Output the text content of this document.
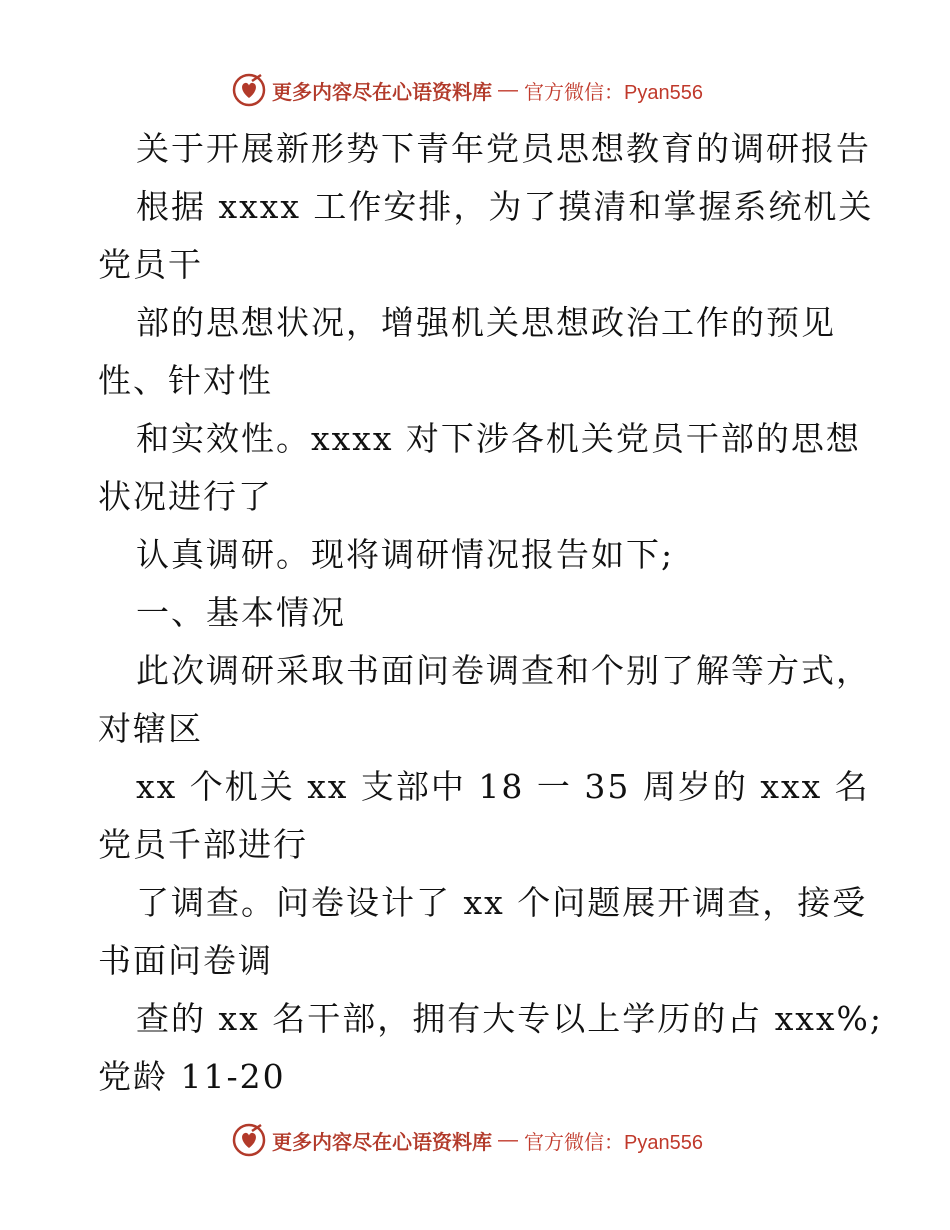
更多内容尽在心语资料库 — 官方微信：Pyan556
关于开展新形势下青年党员思想教育的调研报告
根据 xxxx 工作安排，为了摸清和掌握系统机关
党员干
部的思想状况，增强机关思想政治工作的预见
性、针对性
和实效性。xxxx 对下涉各机关党员干部的思想
状况进行了
认真调研。现将调研情况报告如下;
一、基本情况
此次调研采取书面问卷调查和个别了解等方式，
对辖区
xx 个机关 xx 支部中 18 一 35 周岁的 xxx 名
党员千部进行
了调查。问卷设计了 xx 个问题展开调查，接受
书面问卷调
查的 xx 名干部，拥有大专以上学历的占 xxx%;
党龄 11-20
更多内容尽在心语资料库 — 官方微信：Pyan556
